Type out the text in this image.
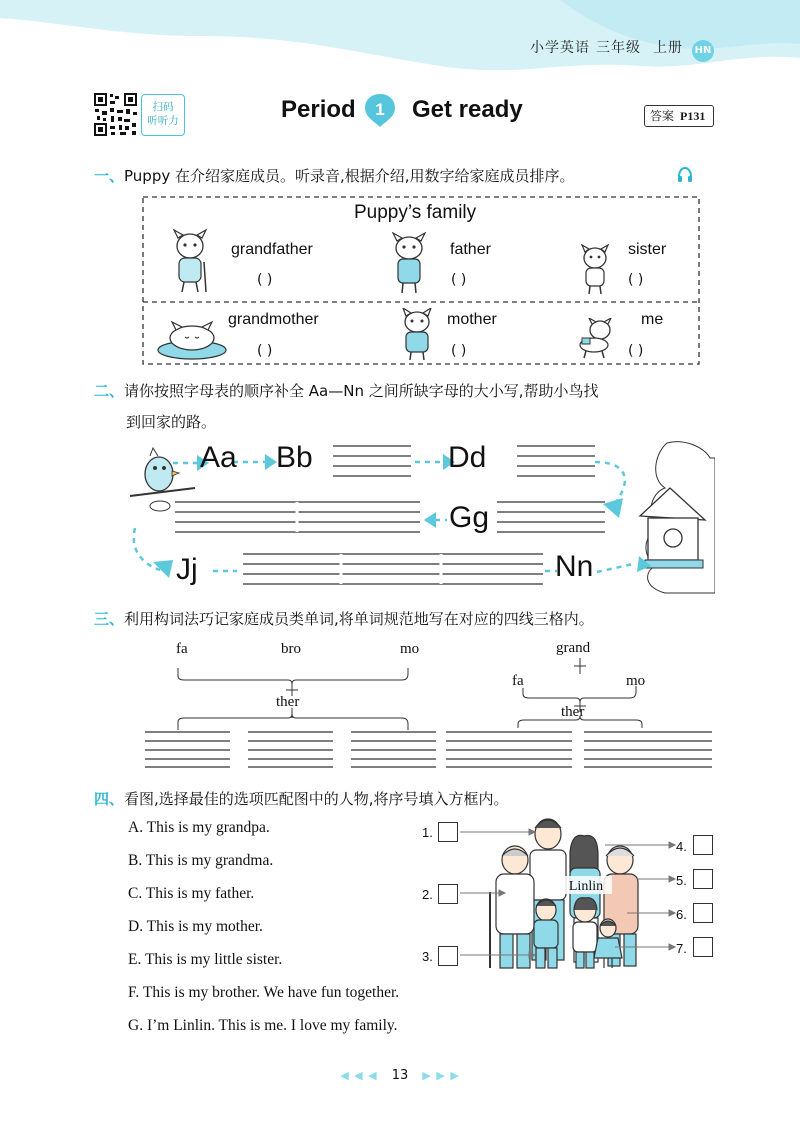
小学英语 三年级 上册 HN
扫码
听听力	Period 1 Get ready	答案 P131
一、Puppy 在介绍家庭成员。听录音,根据介绍,用数字给家庭成员排序。
Puppy’s family
grandfather
( )
father
( )
sister
( )
grandmother
( )
mother
( )
me
( )
二、请你按照字母表的顺序补全 Aa—Nn 之间所缺字母的大小写,帮助小鸟找
到回家的路。
Aa Bb	Dd
Gg
Jj	Nn
三、利用构词法巧记家庭成员类单词,将单词规范地写在对应的四线三格内。
fa	bro	mo
ther
grand
fa	mo
ther
四、看图,选择最佳的选项匹配图中的人物,将序号填入方框内。
A. This is my grandpa.
B. This is my grandma.
C. This is my father.
D. This is my mother.
E. This is my little sister.
F. This is my brother. We have fun together.
G. I’m Linlin. This is me. I love my family.
Linlin
1.
2.
3.
4.
5.
6.
7.
◀ ◀ ◀ 13 ▶ ▶ ▶
